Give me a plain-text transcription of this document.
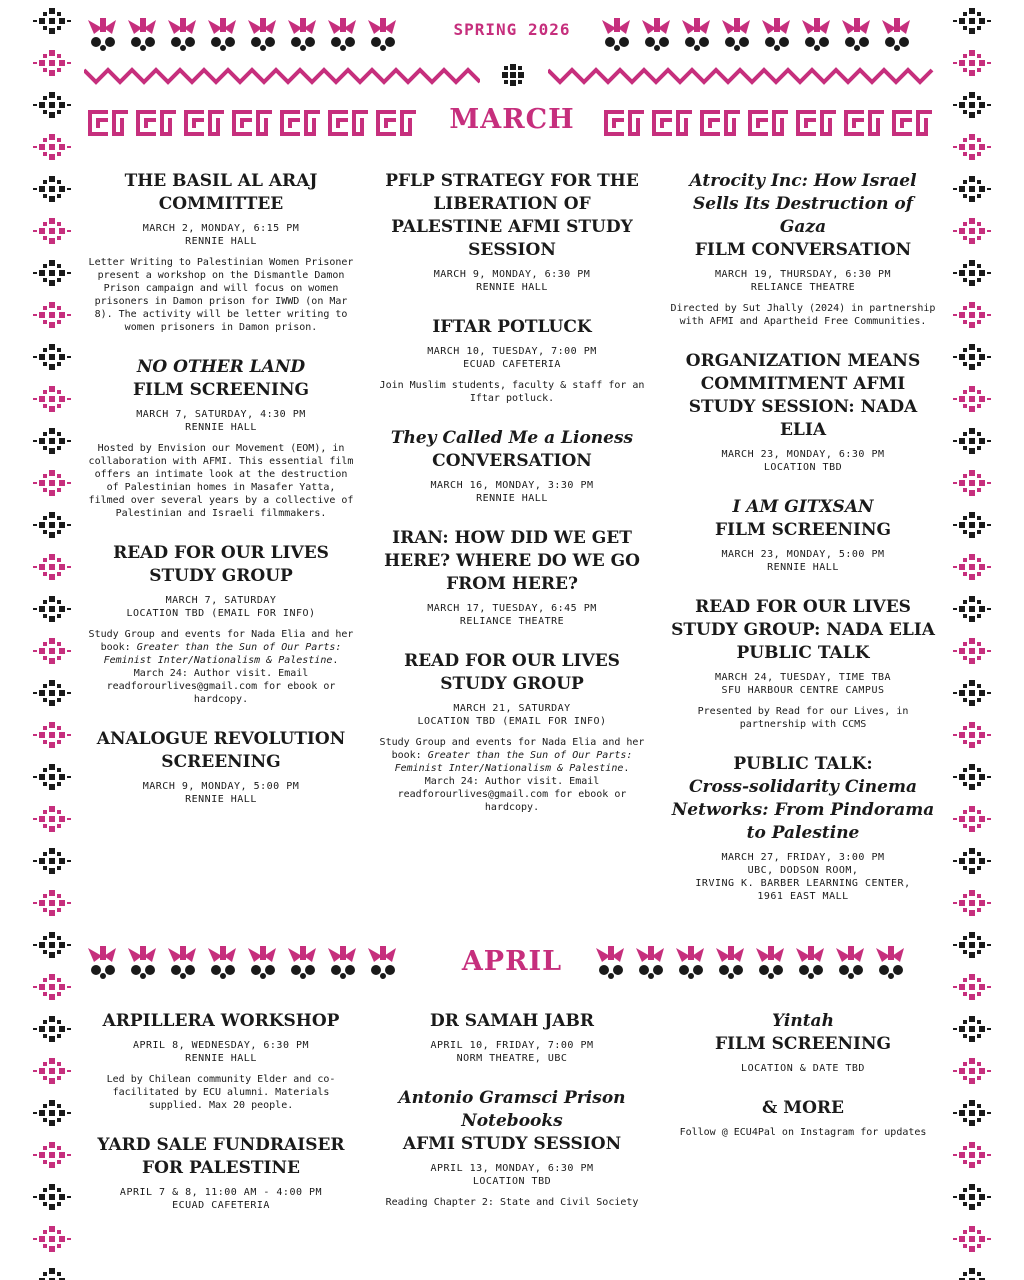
SPRING 2026
MARCH
THE BASIL AL ARAJ COMMITTEE
MARCH 2, MONDAY, 6:15 PM
RENNIE HALL
Letter Writing to Palestinian Women Prisoner present a workshop on the Dismantle Damon Prison campaign and will focus on women prisoners in Damon prison for IWWD (on Mar 8). The activity will be letter writing to women prisoners in Damon prison.
NO OTHER LAND
FILM SCREENING
MARCH 7, SATURDAY, 4:30 PM
RENNIE HALL
Hosted by Envision our Movement (EOM), in collaboration with AFMI. This essential film offers an intimate look at the destruction of Palestinian homes in Masafer Yatta, filmed over several years by a collective of Palestinian and Israeli filmmakers.
READ FOR OUR LIVES STUDY GROUP
MARCH 7, SATURDAY
LOCATION TBD (EMAIL FOR INFO)
Study Group and events for Nada Elia and her book: Greater than the Sun of Our Parts: Feminist Inter/Nationalism & Palestine. March 24: Author visit. Email readforourlives@gmail.com for ebook or hardcopy.
ANALOGUE REVOLUTION SCREENING
MARCH 9, MONDAY, 5:00 PM
RENNIE HALL
PFLP STRATEGY FOR THE LIBERATION OF PALESTINE AFMI STUDY SESSION
MARCH 9, MONDAY, 6:30 PM
RENNIE HALL
IFTAR POTLUCK
MARCH 10, TUESDAY, 7:00 PM
ECUAD CAFETERIA
Join Muslim students, faculty & staff for an Iftar potluck.
They Called Me a Lioness
CONVERSATION
MARCH 16, MONDAY, 3:30 PM
RENNIE HALL
IRAN: HOW DID WE GET HERE? WHERE DO WE GO FROM HERE?
MARCH 17, TUESDAY, 6:45 PM
RELIANCE THEATRE
READ FOR OUR LIVES STUDY GROUP
MARCH 21, SATURDAY
LOCATION TBD (EMAIL FOR INFO)
Study Group and events for Nada Elia and her book: Greater than the Sun of Our Parts: Feminist Inter/Nationalism & Palestine. March 24: Author visit. Email readforourlives@gmail.com for ebook or hardcopy.
Atrocity Inc: How Israel Sells Its Destruction of Gaza
FILM CONVERSATION
MARCH 19, THURSDAY, 6:30 PM
RELIANCE THEATRE
Directed by Sut Jhally (2024) in partnership with AFMI and Apartheid Free Communities.
ORGANIZATION MEANS COMMITMENT AFMI STUDY SESSION: NADA ELIA
MARCH 23, MONDAY, 6:30 PM
LOCATION TBD
I AM GITXSAN
FILM SCREENING
MARCH 23, MONDAY, 5:00 PM
RENNIE HALL
READ FOR OUR LIVES STUDY GROUP: NADA ELIA PUBLIC TALK
MARCH 24, TUESDAY, TIME TBA
SFU HARBOUR CENTRE CAMPUS
Presented by Read for our Lives, in partnership with CCMS
PUBLIC TALK:
Cross-solidarity Cinema Networks: From Pindorama to Palestine
MARCH 27, FRIDAY, 3:00 PM
UBC, DODSON ROOM,
IRVING K. BARBER LEARNING CENTER,
1961 EAST MALL
APRIL
ARPILLERA WORKSHOP
APRIL 8, WEDNESDAY, 6:30 PM
RENNIE HALL
Led by Chilean community Elder and co-facilitated by ECU alumni. Materials supplied. Max 20 people.
YARD SALE FUNDRAISER FOR PALESTINE
APRIL 7 & 8, 11:00 AM - 4:00 PM
ECUAD CAFETERIA
DR SAMAH JABR
APRIL 10, FRIDAY, 7:00 PM
NORM THEATRE, UBC
Antonio Gramsci Prison Notebooks
AFMI STUDY SESSION
APRIL 13, MONDAY, 6:30 PM
LOCATION TBD
Reading Chapter 2: State and Civil Society
Yintah
FILM SCREENING
LOCATION & DATE TBD
& MORE
Follow @ ECU4Pal on Instagram for updates
